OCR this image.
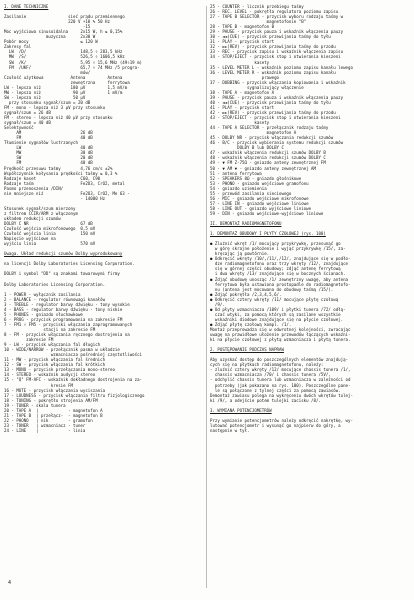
I. DANE TECHNICZNE
Zasilanie                 sieć prądu przemiennego
220 V +10 % 50 Hz
-15
Moc wyjściowa sinusoidalna     2x15 W, h ≤ 0,15%
muzyczna      2x30 W
Pobór mocy                     ≤ 120 W
Zakresy fal
LW  /D/                      148,5 ÷ 283,5 kHz
MW  /Ś/                      526,5 ÷ 1606,5 kHz
SW  /K/                      5,95 ÷ 15,6 MHz (49÷19 m)
FM  /UKF/                    65,7 ÷ 74 MHz /5 progra-
mów/
Czułość użytkowa           Antena         Antena
zewnętrzna     ferrytowa
LW - lepsza niż            180 µV         1,5 mV/m
MW - lepsza niż             90 µV         1 mV/m
SW - lepsza niż             50 µV
przy stosunku sygnał/szum = 20 dB
FM - mono - lepsza niż 3 µV przy stosunku
sygnał/szum = 26 dB
FM - stereo - lepsza niż 40 µV przy stosunku
sygnał/szum = 40 dB
Selektywność
AM                        26 dB
FM                        40 dB
Tłumienie sygnałów lustrzanych
LW                        40 dB
MW                        30 dB
SW                        20 dB
FM                        40 dB
Prędkość przesuwu taśmy        4,76 cm/s ±2%
Współczynnik kołysania prędkości taśmy ≤ 0,3 %
Rodzaje kaset                  C60, C90
Rodzaje taśm                   Fe2O3, CrO2, metal
Pasmo przenoszenia /DIN/
nie mniejsze niż               Fe2O3, CrO2, Me 63 -
- 14000 Hz
Stosunek sygnał/szum mierzony
z filtrem CCIR/ARM z włączonym
układem redukcji szumów
DOLBY C NR                     67 dB
Czułość wejścia mikrofonowego  0,5 mV
Czułość wejścia linia          150 mV
Napięcie wyjściowe na
wyjściu linia                  570 mV
Uwaga. Układ redukcji szumów Dolby wyprodukowany
na licencji Dolby Laboratories Licensing Corporation.
DOLBY i symbol "DD" są znakami towarowymi firmy
Dolby Laboratories Licensing Corporation.
1 - POWER - wyłącznik zasilania
2 - BALANCE - regulator równowagi kanałów
3 - TREBLE - regulator barwy dźwięku - tony wysokie
4 - BASS - regulator barwy dźwięku - tony niskie
5 - PHONES - gniazdo słuchawkowe
6 - PROG - przycisk programowania na zakresie FM
7 - FM1 ÷ FM5 - przyciski włączania zaprogramowanych
stacji na zakresie FM
8 - FM - przycisk włączania ręcznego dostrojenia na
zakresie FM
9 - LW - przycisk włączania fal długich
10 - WIDE/NARROW - przełącznik pasma w układzie
wzmacniacza pośredniej częstotliwości
11 - MW - przycisk włączania fal średnich
12 - SW - przycisk włączania fal krótkich
13 - MONO - przycisk przełączania mono-stereo
14 - STEREO - wskaźnik audycji stereo
15 - "Q" FM-AFC - wskaźnik dokładnego dostrojenia na za-
kresie FM
16 - MUTE - przycisk włączania wyciszania
17 - LOUDNESS - przycisk włączania filtru fizjologicznego
18 - TUNING - pokrętło strojenia AM/FM
19 - TUNER - skala tunera
20 - TAPE A  |            - magnetofon A
21 - TAPE B  | przełącz-  - magnetofon B
22 - PHONO   | nik        - gramofon
23 - TUNER   | wzmacniacz - tuner
24 - LINE    |            - linia
25 - COUNTER - licznik przebiegu taśmy
26 - REC. LEVEL - pokrętła regulatora poziomu zapisu
27 - TAPE B SELECTOR - przycisk wyboru rodzaju taśmy w
magnetofonie "B"
28 - TAPE B - magnetofon B
29 - PAUSE - przycisk pauza i wskaźnik włączenia pauzy
30 - ◄◄(CUE) - przycisk przewijania taśmy do tyłu
31 - PLAY - przycisk start
32 - ►►(REV) - przycisk przewijania taśmy do przodu
33 - REC - przycisk zapisu i wskaźnik włączenia zapisu
34 - STOP/EJECT - przycisk stop i otwierania kieszeni
kasety
35 - LEVEL METER L - wskaźnik poziomu zapisu kanału lewego
36 - LEVEL METER R - wskaźnik poziomu zapisu kanału
prawego
37 - DUBBING - przycisk włączania kopiowania i wskaźnik
sygnalizujący włączenie
38 - TAPE A - magnetofon A
39 - PAUSE - przycisk pauza i wskaźnik włączenia pauzy
40 - ◄◄(CUE) - przycisk przewijania taśmy do tyłu
41 - PLAY - przycisk start
42 - ►►(REV) - przycisk przewijania taśmy do przodu
43 - STOP/EJECT - przycisk stop i otwierania kieszeni
kasety
44 - TAPE A SELECTOR - przełącznik rodzaju taśmy
magnetofon A
45 - DOLBY NR - przycisk włączania redukcji szumów
46 - B/C - przycisk wybierania systemu redukcji szumów
DOLBY B lub DOLBY C
47 - wskaźnik włączenia redukcji szumów DOLBY B
48 - wskaźnik włączenia redukcji szumów DOLBY C
49 - ▼ FM Z-75Ω - gniazdo anteny zewnętrznej FM
50 - ▼ AM ▼ - gniazdo anteny zewnętrznej AM
51 - antena ferrytowa
52 - SPEAKERS 8Ω - gniazdo głośnikowe
53 - PHONO - gniazdo wejściowe gramofonu
54 - gniazdo uziemienia
55 - przewód zasilania sieciowego
56 - MIC - gniazdo wejściowe mikrofonowe
57 - LINE IN - gniazdo wejściowe liniowe
58 - LINE OUT - gniazdo wyjściowe liniowe
59 - DIN - gniazdo wejściowe-wyjściowe liniowe
II. DEMONTAŻ RADIOMAGNETOFONU
1. DEMONTAŻ OBUDOWY I PŁYTY CZOŁOWEJ (rys. 100)
● Zluźnić wkręt /1/ mocujący przykrywkę, przesunąć go
w górę skrajne położenie i wyjąć przykrywkę /15/, za-
kręcając ją powtórnie.
● Odkręcić wkręty /10/,/11/,/12/, znajdujące się w podło-
dze radiomagnetofonu oraz trzy wkręty /12/, znajdujące
się w górnej części obudowy; zdjąć antenę ferrytową
i dwa wkręty /13/ znajdujące się w bocznych ścianach.
● Zdjąć obudowę unosząc /1/ zewnętrzny uwagę, aby antena
ferrytowa była ustawiona prostopadle do radiomagnetofo-
nu (antena jest mocowana do obudowy taśmą /15/).
● Zdjąć pokrętła /2,3,4,5,6/.
● Odkręcić cztery wkręty /11/ mocujące płytę czołową
/9/.
● Od płyty wzmacniacza /109/ i płytki tunera /72/ odłą-
czać wtyki, za pomocą których są zasilane wszystkie
wskaźniki diodowe znajdujące się na płycie czołowej.
● Zdjąć płytę czołową kompl. /1/.
Montaż przeprowadza się w odwrotnej kolejności, zwracając
uwagę na prawidłowe ułożenie przewodów łączących wskaźni-
ki na płycie czołowej z płytą wzmacniacza i płytą tunera.
2. POSTĘPOWANIE PODCZAS NAPRAW
Aby uzyskać dostęp do poszczególnych elementów znajdują-
cych się na płytkach radiomagnetofonu, należy:
- zluźnić cztery wkręty /12/ mocujące chassis tunera /1/,
chassis wzmacniacza /70/ i chassis tunera /5V/,
- odchylić chassis tunera lub wzmacniacza w zależności od
potrzeby (jak pokazano na rys. 100). Poszczególne pane-
le są połączone z tylnej części za pomocą zawiasów.
Demontaż zawiasu polega na wykręceniu dwóch wkrętów tulej-
ki /9/, a odejście potem tulejki zacisku /8/.
3. WYMIANA POTENCJOMETRÓW
Przy wymianie potencjometrów należy odkręcić nakrętkę, wy-
lutować potencjometr i wysunąć go najpierw do góry, a
następnie w tył.
4
